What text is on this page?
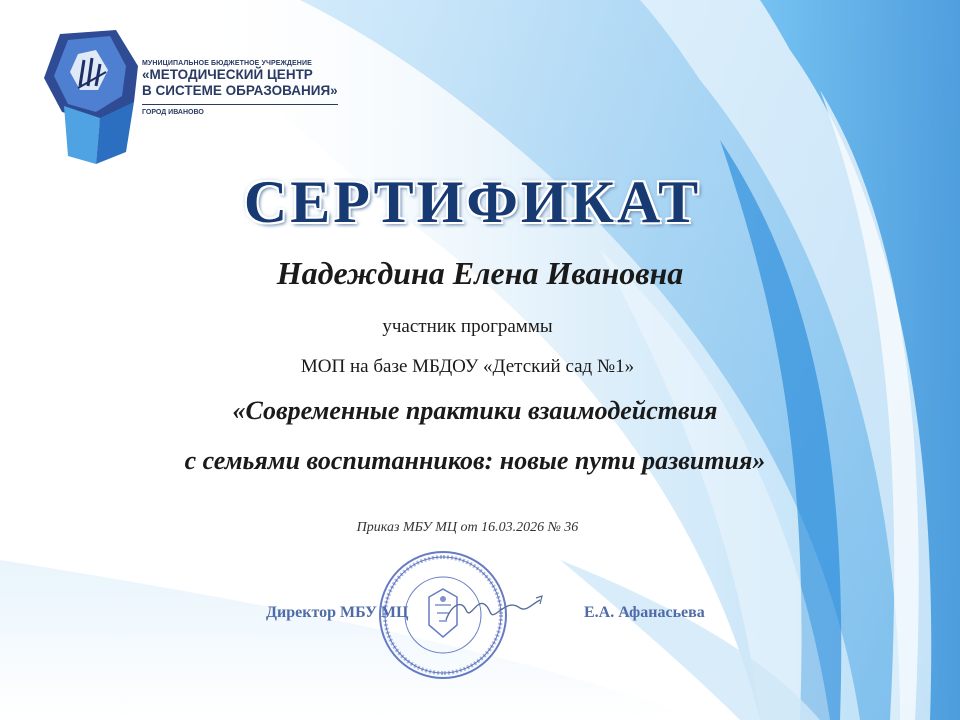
МУНИЦИПАЛЬНОЕ БЮДЖЕТНОЕ УЧРЕЖДЕНИЕ
«МЕТОДИЧЕСКИЙ ЦЕНТР
В СИСТЕМЕ ОБРАЗОВАНИЯ»
ГОРОД ИВАНОВО
СЕРТИФИКАТ
Надеждина Елена Ивановна
участник программы
МОП на базе МБДОУ «Детский сад №1»
«Современные практики взаимодействия
с семьями воспитанников: новые пути развития»
Приказ МБУ МЦ от 16.03.2026 № 36
Директор МБУ МЦ	Е.А. Афанасьева
